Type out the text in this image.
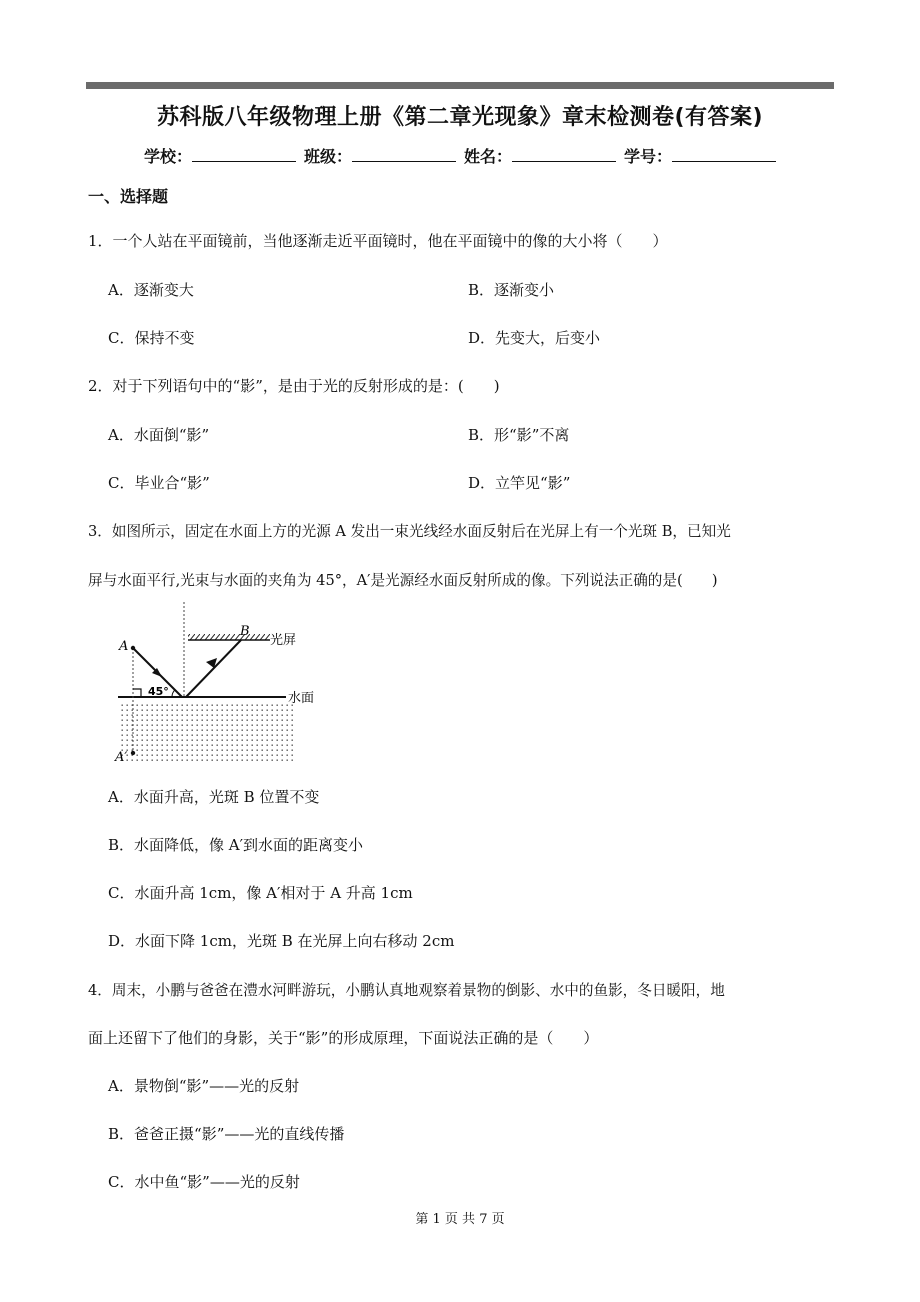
苏科版八年级物理上册《第二章光现象》章末检测卷(有答案)
学校：	班级：	姓名：	学号：
一、选择题
1．一个人站在平面镜前，当他逐渐走近平面镜时，他在平面镜中的像的大小将（　　）
A．逐渐变大	B．逐渐变小
C．保持不变	D．先变大，后变小
2．对于下列语句中的“影”，是由于光的反射形成的是：(　　)
A．水面倒“影”	B．形“影”不离
C．毕业合“影”	D．立竿见“影”
3．如图所示，固定在水面上方的光源 A 发出一束光线经水面反射后在光屏上有一个光斑 B，已知光
屏与水面平行,光束与水面的夹角为 45°，A′是光源经水面反射所成的像。下列说法正确的是(　　)
水面
光屏
A
B
A′
45°
A．水面升高，光斑 B 位置不变
B．水面降低，像 A′到水面的距离变小
C．水面升高 1cm，像 A′相对于 A 升高 1cm
D．水面下降 1cm，光斑 B 在光屏上向右移动 2cm
4．周末，小鹏与爸爸在澧水河畔游玩，小鹏认真地观察着景物的倒影、水中的鱼影，冬日暖阳，地
面上还留下了他们的身影，关于“影”的形成原理，下面说法正确的是（　　）
A．景物倒“影”——光的反射
B．爸爸正摄“影”——光的直线传播
C．水中鱼“影”——光的反射
第 1 页 共 7 页
